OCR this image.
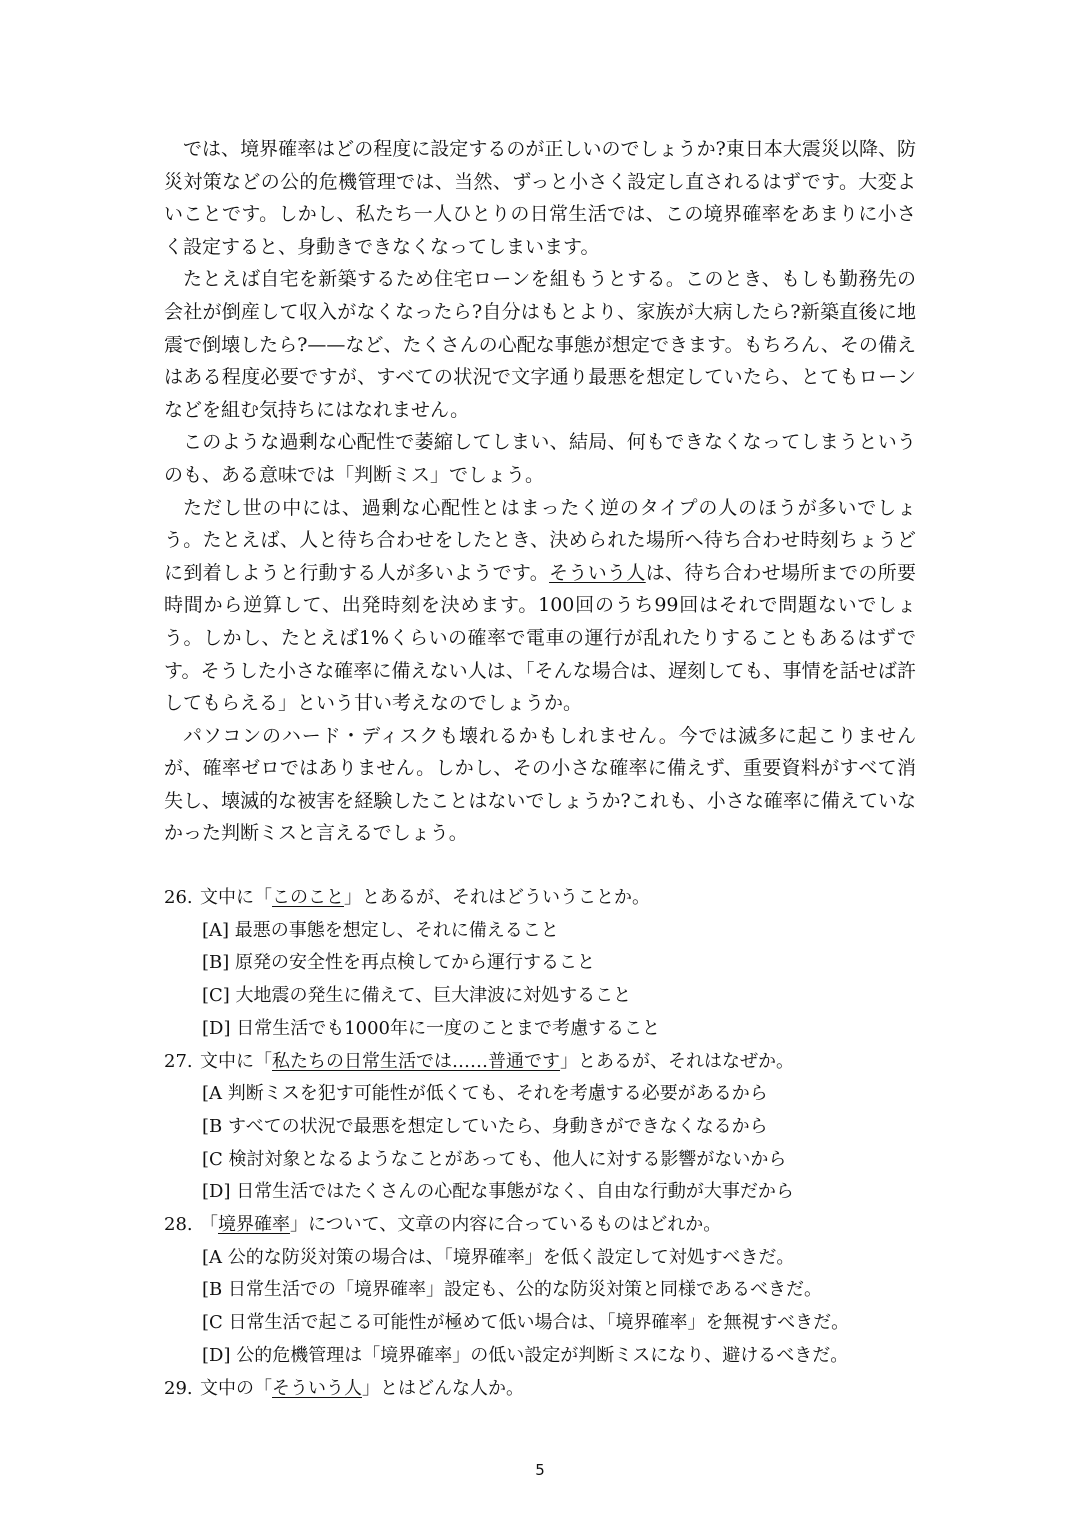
では、境界確率はどの程度に設定するのが正しいのでしょうか?東日本大震災以降、防災対策などの公的危機管理では、当然、ずっと小さく設定し直されるはずです。大変よいことです。しかし、私たち一人ひとりの日常生活では、この境界確率をあまりに小さく設定すると、身動きできなくなってしまいます。

たとえば自宅を新築するため住宅ローンを組もうとする。このとき、もしも勤務先の会社が倒産して収入がなくなったら?自分はもとより、家族が大病したら?新築直後に地震で倒壊したら?——など、たくさんの心配な事態が想定できます。もちろん、その備えはある程度必要ですが、すべての状況で文字通り最悪を想定していたら、とてもローンなどを組む気持ちにはなれません。

このような過剰な心配性で萎縮してしまい、結局、何もできなくなってしまうというのも、ある意味では「判断ミス」でしょう。

ただし世の中には、過剰な心配性とはまったく逆のタイプの人のほうが多いでしょう。たとえば、人と待ち合わせをしたとき、決められた場所へ待ち合わせ時刻ちょうどに到着しようと行動する人が多いようです。そういう人は、待ち合わせ場所までの所要時間から逆算して、出発時刻を決めます。100回のうち99回はそれで問題ないでしょう。しかし、たとえば1%くらいの確率で電車の運行が乱れたりすることもあるはずです。そうした小さな確率に備えない人は、「そんな場合は、遅刻しても、事情を話せば許してもらえる」という甘い考えなのでしょうか。

パソコンのハード・ディスクも壊れるかもしれません。今では滅多に起こりませんが、確率ゼロではありません。しかし、その小さな確率に備えず、重要資料がすべて消失し、壊滅的な被害を経験したことはないでしょうか?これも、小さな確率に備えていなかった判断ミスと言えるでしょう。

26. 文中に「このこと」とあるが、それはどういうことか。
[A] 最悪の事態を想定し、それに備えること
[B] 原発の安全性を再点検してから運行すること
[C] 大地震の発生に備えて、巨大津波に対処すること
[D] 日常生活でも1000年に一度のことまで考慮すること
27. 文中に「私たちの日常生活では……普通です」とあるが、それはなぜか。
[A 判断ミスを犯す可能性が低くても、それを考慮する必要があるから
[B すべての状況で最悪を想定していたら、身動きができなくなるから
[C 検討対象となるようなことがあっても、他人に対する影響がないから
[D] 日常生活ではたくさんの心配な事態がなく、自由な行動が大事だから
28. 「境界確率」について、文章の内容に合っているものはどれか。
[A 公的な防災対策の場合は、「境界確率」を低く設定して対処すべきだ。
[B 日常生活での「境界確率」設定も、公的な防災対策と同様であるべきだ。
[C 日常生活で起こる可能性が極めて低い場合は、「境界確率」を無視すべきだ。
[D] 公的危機管理は「境界確率」の低い設定が判断ミスになり、避けるべきだ。
29. 文中の「そういう人」とはどんな人か。
5
